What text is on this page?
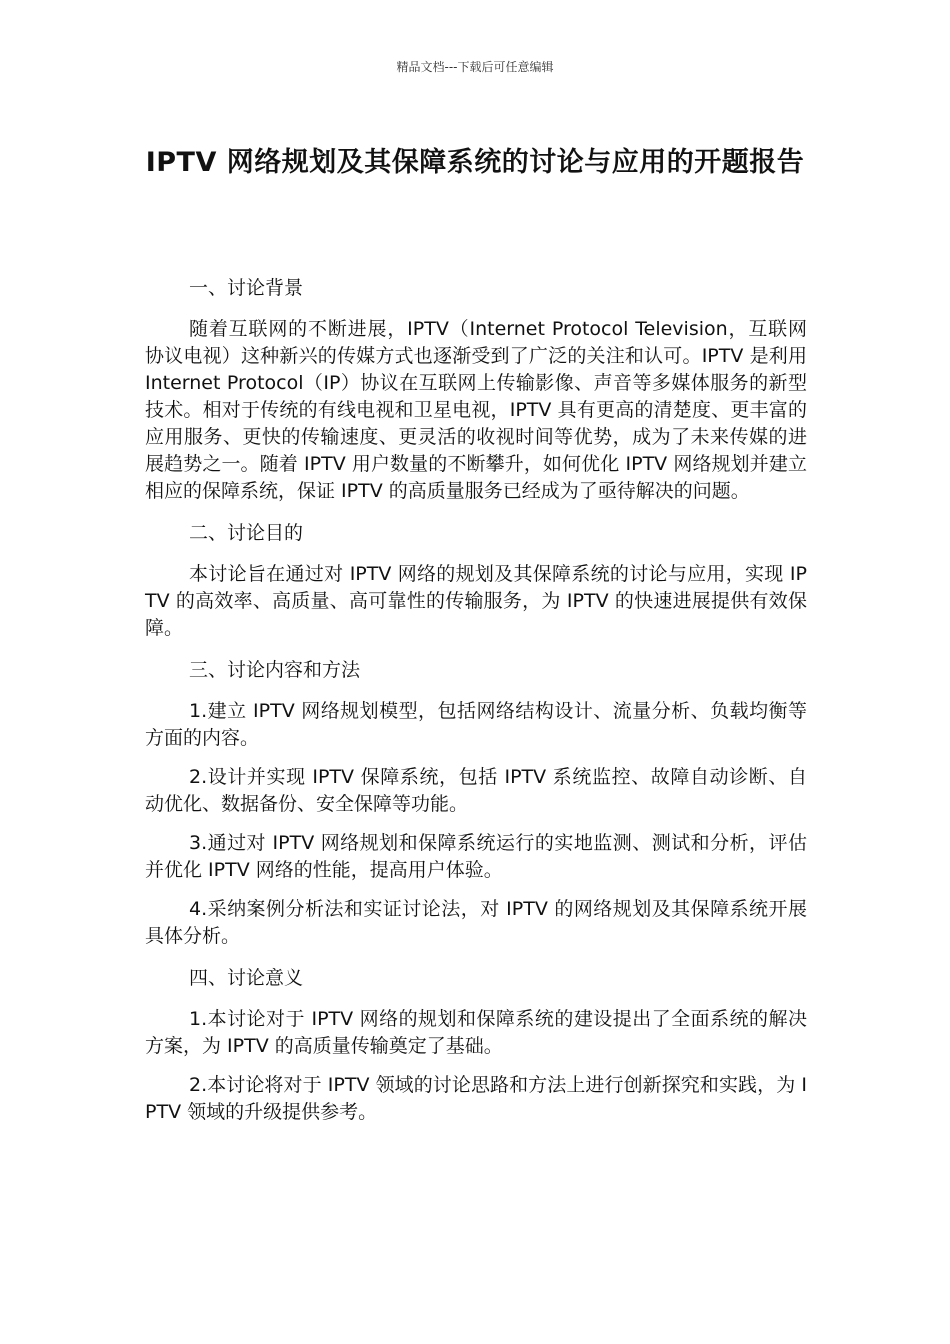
精品文档---下载后可任意编辑
IPTV 网络规划及其保障系统的讨论与应用的开题报告
一、讨论背景
随着互联网的不断进展，IPTV（Internet Protocol Television，互联网协议电视）这种新兴的传媒方式也逐渐受到了广泛的关注和认可。IPTV 是利用 Internet Protocol（IP）协议在互联网上传输影像、声音等多媒体服务的新型技术。相对于传统的有线电视和卫星电视，IPTV 具有更高的清楚度、更丰富的应用服务、更快的传输速度、更灵活的收视时间等优势，成为了未来传媒的进展趋势之一。随着 IPTV 用户数量的不断攀升，如何优化 IPTV 网络规划并建立相应的保障系统，保证 IPTV 的高质量服务已经成为了亟待解决的问题。
二、讨论目的
本讨论旨在通过对 IPTV 网络的规划及其保障系统的讨论与应用，实现 IPTV 的高效率、高质量、高可靠性的传输服务，为 IPTV 的快速进展提供有效保障。
三、讨论内容和方法
1.建立 IPTV 网络规划模型，包括网络结构设计、流量分析、负载均衡等方面的内容。
2.设计并实现 IPTV 保障系统，包括 IPTV 系统监控、故障自动诊断、自动优化、数据备份、安全保障等功能。
3.通过对 IPTV 网络规划和保障系统运行的实地监测、测试和分析，评估并优化 IPTV 网络的性能，提高用户体验。
4.采纳案例分析法和实证讨论法，对 IPTV 的网络规划及其保障系统开展具体分析。
四、讨论意义
1.本讨论对于 IPTV 网络的规划和保障系统的建设提出了全面系统的解决方案，为 IPTV 的高质量传输奠定了基础。
2.本讨论将对于 IPTV 领域的讨论思路和方法上进行创新探究和实践，为 IPTV 领域的升级提供参考。
